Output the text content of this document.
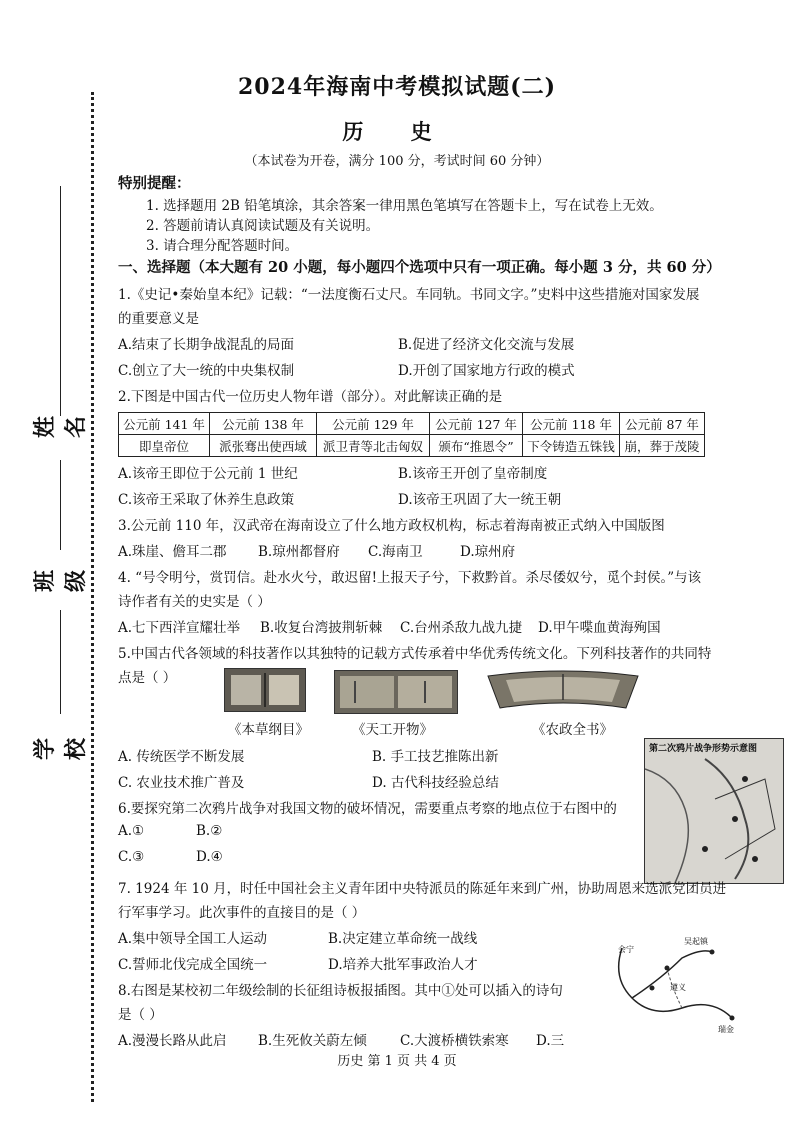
姓名
班级
学校
2024年海南中考模拟试题(二)
历 史
（本试卷为开卷，满分 100 分，考试时间 60 分钟）
特别提醒：
1. 选择题用 2B 铅笔填涂，其余答案一律用黑色笔填写在答题卡上，写在试卷上无效。
2. 答题前请认真阅读试题及有关说明。
3. 请合理分配答题时间。
一、选择题（本大题有 20 小题，每小题四个选项中只有一项正确。每小题 3 分，共 60 分）
1.《史记•秦始皇本纪》记载：“一法度衡石丈尺。车同轨。书同文字。”史料中这些措施对国家发展
的重要意义是
A.结束了长期争战混乱的局面	B.促进了经济文化交流与发展
C.创立了大一统的中央集权制	D.开创了国家地方行政的模式
2.下图是中国古代一位历史人物年谱（部分）。对此解读正确的是
公元前 141 年	公元前 138 年	公元前 129 年	公元前 127 年	公元前 118 年	公元前 87 年
即皇帝位	派张骞出使西域	派卫青等北击匈奴	颁布“推恩令”	下令铸造五铢钱	崩，葬于茂陵
A.该帝王即位于公元前 1 世纪	B.该帝王开创了皇帝制度
C.该帝王采取了休养生息政策	D.该帝王巩固了大一统王朝
3.公元前 110 年，汉武帝在海南设立了什么地方政权机构，标志着海南被正式纳入中国版图
A.珠崖、儋耳二郡 B.琼州都督府 C.海南卫	D.琼州府
4. “号令明兮，赏罚信。赴水火兮，敢迟留!上报天子兮，下救黔首。杀尽倭奴兮，觅个封侯。”与该
诗作者有关的史实是（ ）
A.七下西洋宣耀壮举 B.收复台湾披荆斩棘 C.台州杀敌九战九捷 D.甲午喋血黄海殉国
5.中国古代各领域的科技著作以其独特的记载方式传承着中华优秀传统文化。下列科技著作的共同特
点是（ ）
《本草纲目》	《天工开物》	《农政全书》
A. 传统医学不断发展	B. 手工技艺推陈出新
C. 农业技术推广普及	D. 古代科技经验总结
第二次鸦片战争形势示意图
6.要探究第二次鸦片战争对我国文物的破坏情况，需要重点考察的地点位于右图中的
A.①	B.②
C.③	D.④
7. 1924 年 10 月，时任中国社会主义青年团中央特派员的陈延年来到广州，协助周恩来选派党团员进
行军事学习。此次事件的直接目的是（ ）
A.集中领导全国工人运动	B.决定建立革命统一战线
C.誓师北伐完成全国统一	D.培养大批军事政治人才
吴起镇
会宁
遵义
瑞金
8.右图是某校初二年级绘制的长征组诗板报插图。其中①处可以插入的诗句
是（ ）
A.漫漫长路从此启 B.生死攸关蔚左倾 C.大渡桥横铁索寒 D.三
历史 第 1 页 共 4 页
